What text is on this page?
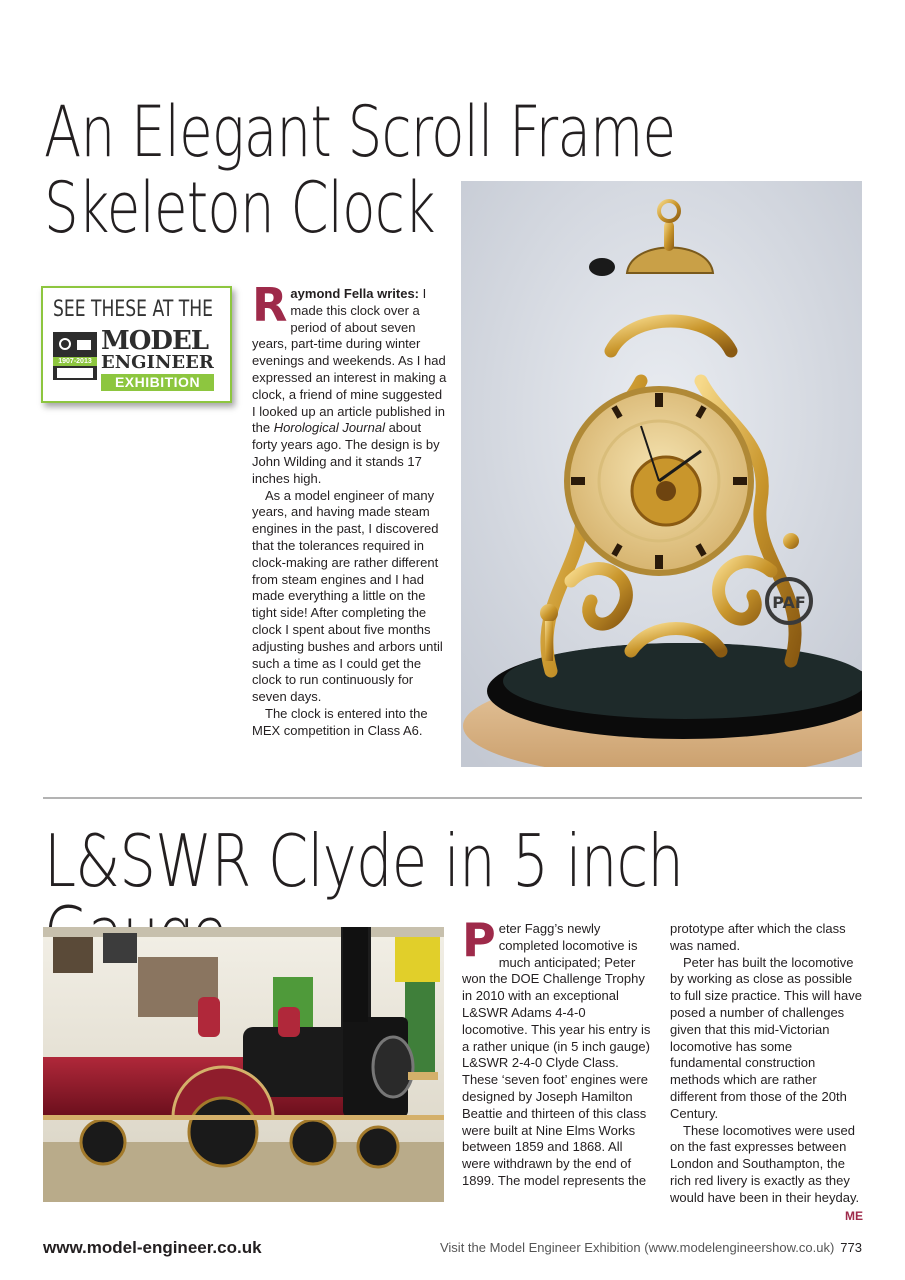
An Elegant Scroll Frame
Skeleton Clock
SEE THESE AT THE
1907-2013
MODEL
ENGINEER
EXHIBITION

Raymond Fella writes: I made this clock over a period of about seven years, part-time during winter evenings and weekends. As I had expressed an interest in making a clock, a friend of mine suggested I looked up an article published in the Horological Journal about forty years ago. The design is by John Wilding and it stands 17 inches high.

As a model engineer of many years, and having made steam engines in the past, I discovered that the tolerances required in clock-making are rather different from steam engines and I had made everything a little on the tight side! After completing the clock I spent about five months adjusting bushes and arbors until such a time as I could get the clock to run continuously for seven days.

The clock is entered into the MEX competition in Class A6.

PAF
L&SWR Clyde in 5 inch

Peter Fagg’s newly completed locomotive is much anticipated; Peter won the DOE Challenge Trophy in 2010 with an exceptional L&SWR Adams 4-4-0 locomotive. This year his entry is a rather unique (in 5 inch gauge) L&SWR 2-4-0 Clyde Class. These ‘seven foot’ engines were designed by Joseph Hamilton Beattie and thirteen of this class were built at Nine Elms Works between 1859 and 1868. All were withdrawn by the end of 1899. The model represents the

prototype after which the class was named.

Peter has built the locomotive by working as close as possible to full size practice. This will have posed a number of challenges given that this mid-Victorian locomotive has some fundamental construction methods which are rather different from those of the 20th Century.

These locomotives were used on the fast expresses between London and Southampton, the rich red livery is exactly as they would have been in their heyday.

ME
www.model-engineer.co.uk	Visit the Model Engineer Exhibition (www.modelengineershow.co.uk) 773
